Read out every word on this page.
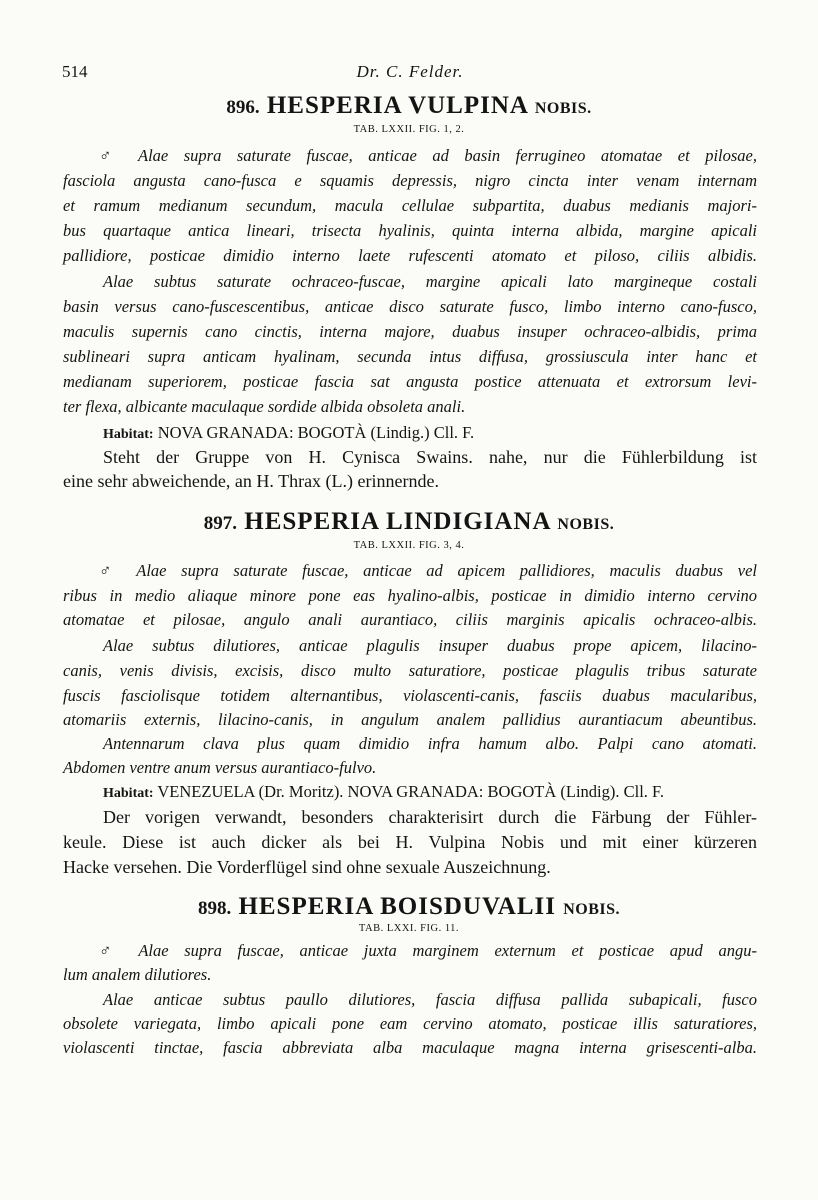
514	Dr. C. Felder.
896. HESPERIA VULPINA NOBIS.
TAB. LXXII. FIG. 1, 2.
♂ Alae supra saturate fuscae, anticae ad basin ferrugineo atomatae et pilosae,
fasciola angusta cano-fusca e squamis depressis, nigro cincta inter venam internam
et ramum medianum secundum, macula cellulae subpartita, duabus medianis majori-
bus quartaque antica lineari, trisecta hyalinis, quinta interna albida, margine apicali
pallidiore, posticae dimidio interno laete rufescenti atomato et piloso, ciliis albidis.
Alae subtus saturate ochraceo-fuscae, margine apicali lato margineque costali
basin versus cano-fuscescentibus, anticae disco saturate fusco, limbo interno cano-fusco,
maculis supernis cano cinctis, interna majore, duabus insuper ochraceo-albidis, prima
sublineari supra anticam hyalinam, secunda intus diffusa, grossiuscula inter hanc et
medianam superiorem, posticae fascia sat angusta postice attenuata et extrorsum levi-
ter flexa, albicante maculaque sordide albida obsoleta anali.
Habitat: NOVA GRANADA: BOGOTÀ (Lindig.) Cll. F.
Steht der Gruppe von H. Cynisca Swains. nahe, nur die Fühlerbildung ist
eine sehr abweichende, an H. Thrax (L.) erinnernde.
897. HESPERIA LINDIGIANA NOBIS.
TAB. LXXII. FIG. 3, 4.
♂ Alae supra saturate fuscae, anticae ad apicem pallidiores, maculis duabus vel
ribus in medio aliaque minore pone eas hyalino-albis, posticae in dimidio interno cervino
atomatae et pilosae, angulo anali aurantiaco, ciliis marginis apicalis ochraceo-albis.
Alae subtus dilutiores, anticae plagulis insuper duabus prope apicem, lilacino-
canis, venis divisis, excisis, disco multo saturatiore, posticae plagulis tribus saturate
fuscis fasciolisque totidem alternantibus, violascenti-canis, fasciis duabus macularibus,
atomariis externis, lilacino-canis, in angulum analem pallidius aurantiacum abeuntibus.
Antennarum clava plus quam dimidio infra hamum albo. Palpi cano atomati.
Abdomen ventre anum versus aurantiaco-fulvo.
Habitat: VENEZUELA (Dr. Moritz). NOVA GRANADA: BOGOTÀ (Lindig). Cll. F.
Der vorigen verwandt, besonders charakterisirt durch die Färbung der Fühler-
keule. Diese ist auch dicker als bei H. Vulpina Nobis und mit einer kürzeren
Hacke versehen. Die Vorderflügel sind ohne sexuale Auszeichnung.
898. HESPERIA BOISDUVALII NOBIS.
TAB. LXXI. FIG. 11.
♂ Alae supra fuscae, anticae juxta marginem externum et posticae apud angu-
lum analem dilutiores.
Alae anticae subtus paullo dilutiores, fascia diffusa pallida subapicali, fusco
obsolete variegata, limbo apicali pone eam cervino atomato, posticae illis saturatiores,
violascenti tinctae, fascia abbreviata alba maculaque magna interna grisescenti-alba.
